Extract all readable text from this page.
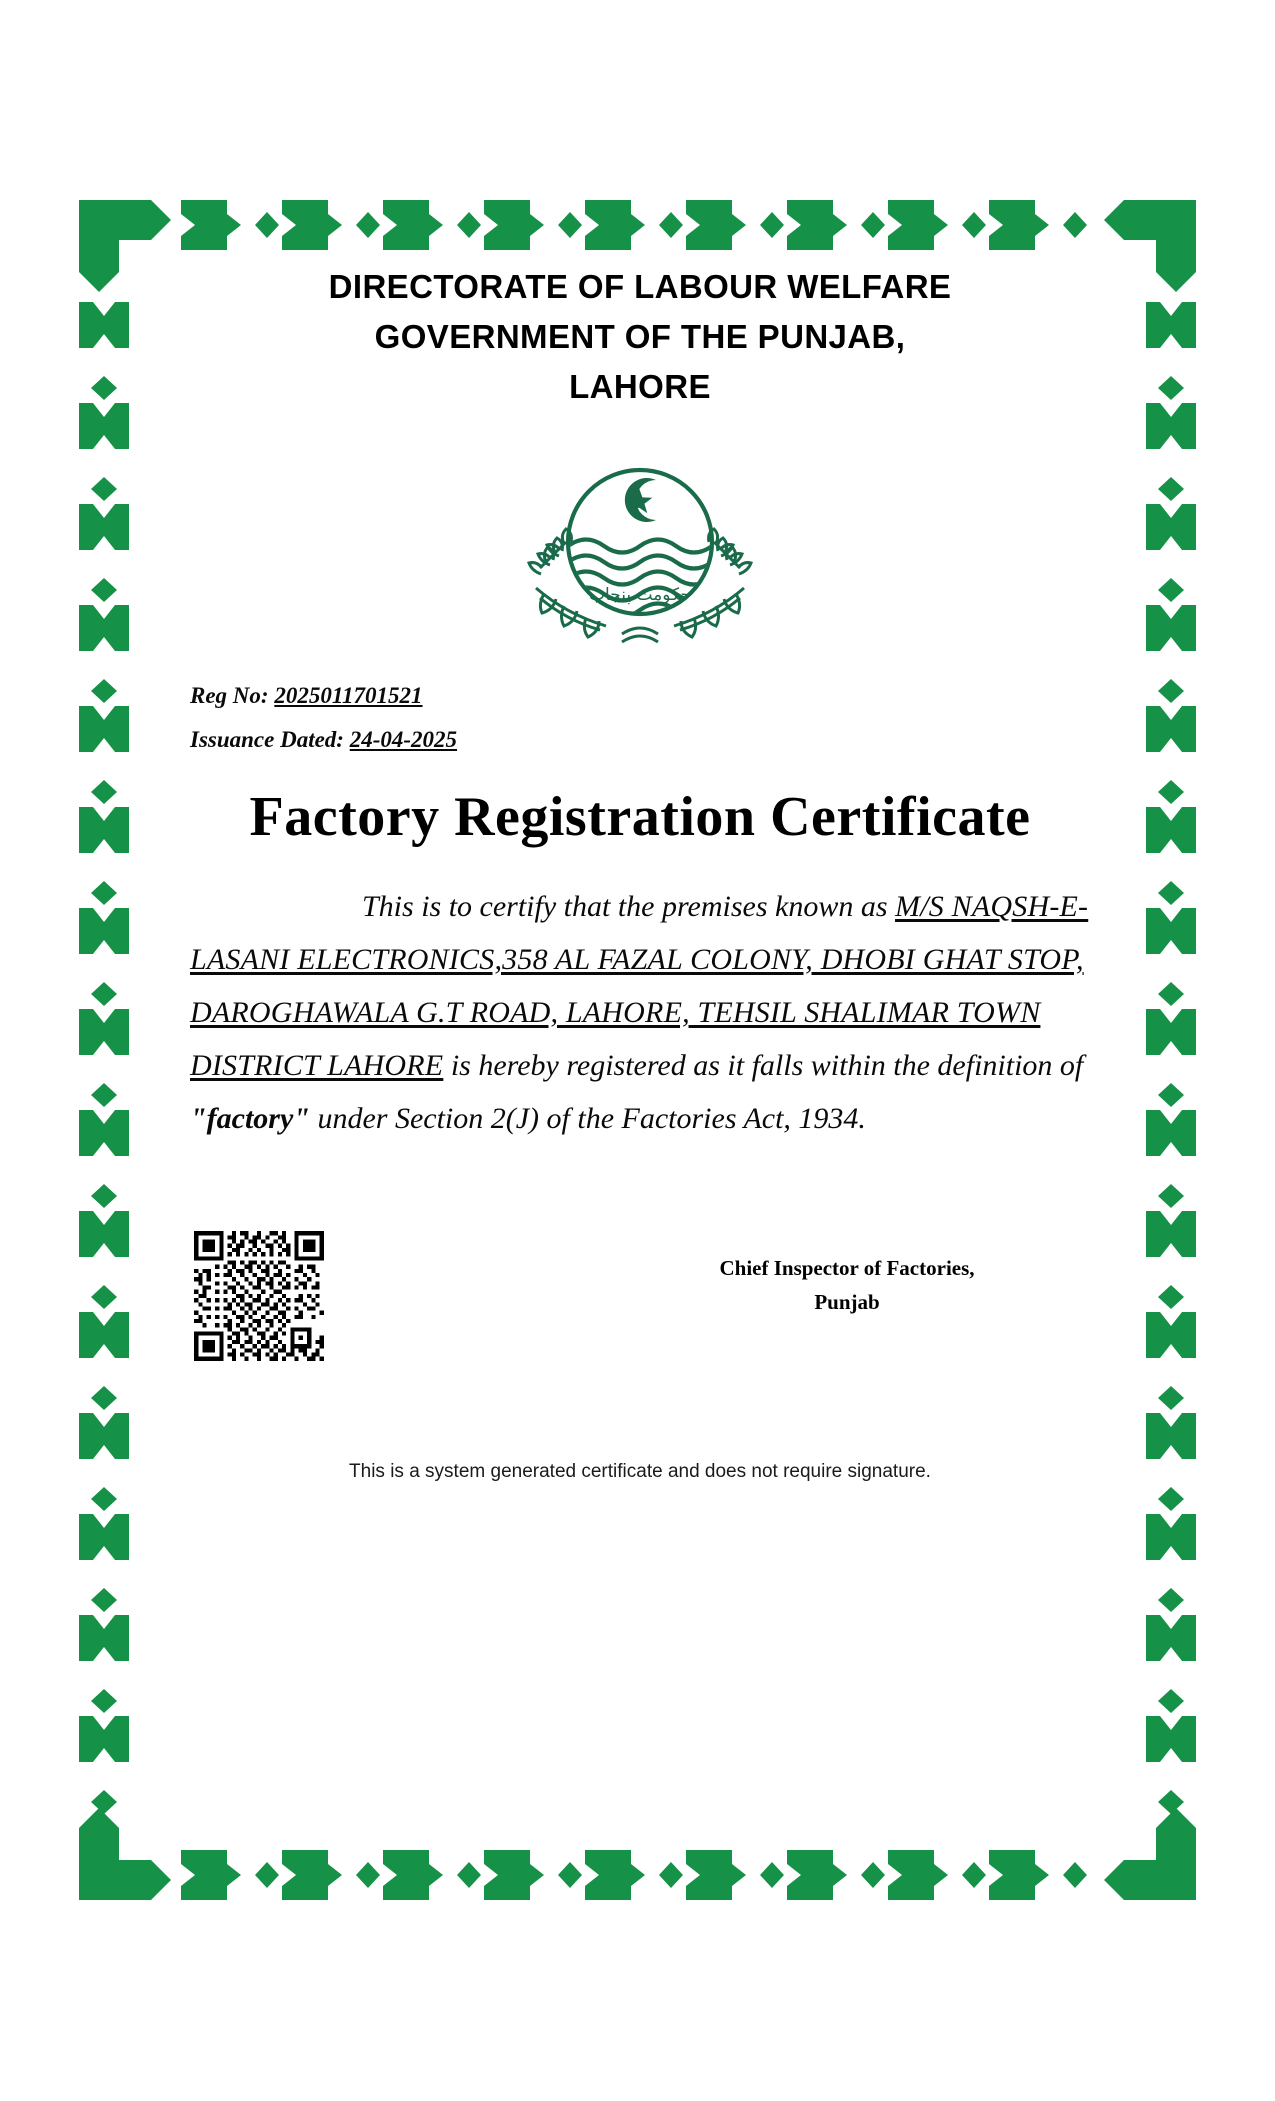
DIRECTORATE OF LABOUR WELFARE
GOVERNMENT OF THE PUNJAB,
LAHORE
حکومت پنجاب
Reg No: 2025011701521
Issuance Dated: 24-04-2025
Factory Registration Certificate

This is to certify that the premises known as M/S NAQSH-E-LASANI ELECTRONICS,358 AL FAZAL COLONY, DHOBI GHAT STOP, DAROGHAWALA G.T ROAD, LAHORE, TEHSIL SHALIMAR TOWN DISTRICT LAHORE is hereby registered as it falls within the definition of "factory" under Section 2(J) of the Factories Act, 1934.

Chief Inspector of Factories,
Punjab
This is a system generated certificate and does not require signature.
